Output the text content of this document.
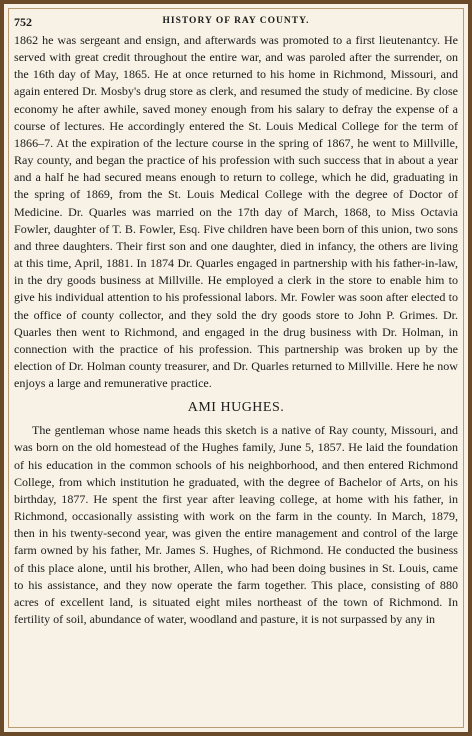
752	HISTORY OF RAY COUNTY.

1862 he was sergeant and ensign, and afterwards was promoted to a first lieutenantcy. He served with great credit throughout the entire war, and was paroled after the surrender, on the 16th day of May, 1865. He at once returned to his home in Richmond, Missouri, and again entered Dr. Mosby's drug store as clerk, and resumed the study of medicine. By close economy he after awhile, saved money enough from his salary to defray the expense of a course of lectures. He accordingly entered the St. Louis Medical College for the term of 1866–7. At the expiration of the lecture course in the spring of 1867, he went to Millville, Ray county, and began the practice of his profession with such success that in about a year and a half he had secured means enough to return to college, which he did, graduating in the spring of 1869, from the St. Louis Medical College with the degree of Doctor of Medicine. Dr. Quarles was married on the 17th day of March, 1868, to Miss Octavia Fowler, daughter of T. B. Fowler, Esq. Five children have been born of this union, two sons and three daughters. Their first son and one daughter, died in infancy, the others are living at this time, April, 1881. In 1874 Dr. Quarles engaged in partnership with his father-in-law, in the dry goods business at Millville. He employed a clerk in the store to enable him to give his individual attention to his professional labors. Mr. Fowler was soon after elected to the office of county collector, and they sold the dry goods store to John P. Grimes. Dr. Quarles then went to Richmond, and engaged in the drug business with Dr. Holman, in connection with the practice of his profession. This partnership was broken up by the election of Dr. Holman county treasurer, and Dr. Quarles returned to Millville. Here he now enjoys a large and remunerative practice.

AMI HUGHES.

The gentleman whose name heads this sketch is a native of Ray county, Missouri, and was born on the old homestead of the Hughes family, June 5, 1857. He laid the foundation of his education in the common schools of his neighborhood, and then entered Richmond College, from which institution he graduated, with the degree of Bachelor of Arts, on his birthday, 1877. He spent the first year after leaving college, at home with his father, in Richmond, occasionally assisting with work on the farm in the county. In March, 1879, then in his twenty-second year, was given the entire management and control of the large farm owned by his father, Mr. James S. Hughes, of Richmond. He conducted the business of this place alone, until his brother, Allen, who had been doing busines in St. Louis, came to his assistance, and they now operate the farm together. This place, consisting of 880 acres of excellent land, is situated eight miles northeast of the town of Richmond. In fertility of soil, abundance of water, woodland and pasture, it is not surpassed by any in
